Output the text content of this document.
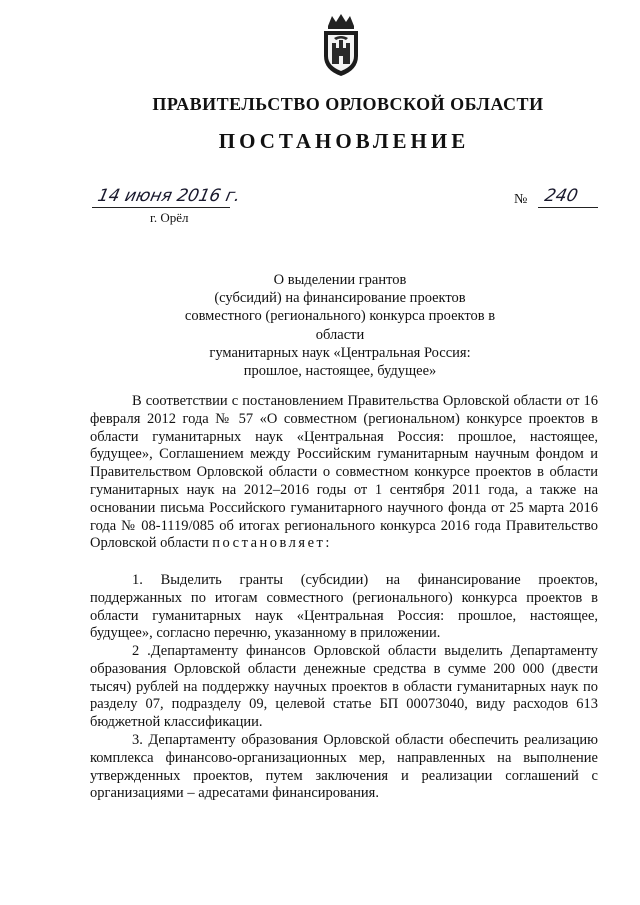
ПРАВИТЕЛЬСТВО ОРЛОВСКОЙ ОБЛАСТИ
ПОСТАНОВЛЕНИЕ
14 июня 2016 г.
г. Орёл
№ 240
О выделении грантов
(субсидий) на финансирование проектов
совместного (регионального) конкурса проектов в области
гуманитарных наук «Центральная Россия:
прошлое, настоящее, будущее»

В соответствии с постановлением Правительства Орловской области от 16 февраля 2012 года № 57 «О совместном (региональном) конкурсе проектов в области гуманитарных наук «Центральная Россия: прошлое, настоящее, будущее», Соглашением между Российским гуманитарным научным фондом и Правительством Орловской области о совместном конкурсе проектов в области гуманитарных наук на 2012–2016 годы от 1 сентября 2011 года, а также на основании письма Российского гуманитарного научного фонда от 25 марта 2016 года № 08-1119/085 об итогах регионального конкурса 2016 года Правительство Орловской области постановляет:

1. Выделить гранты (субсидии) на финансирование проектов, поддержанных по итогам совместного (регионального) конкурса проектов в области гуманитарных наук «Центральная Россия: прошлое, настоящее, будущее», согласно перечню, указанному в приложении.

2 .Департаменту финансов Орловской области выделить Департаменту образования Орловской области денежные средства в сумме 200 000 (двести тысяч) рублей на поддержку научных проектов в области гуманитарных наук по разделу 07, подразделу 09, целевой статье БП 00073040, виду расходов 613 бюджетной классификации.

3. Департаменту образования Орловской области обеспечить реализацию комплекса финансово-организационных мер, направленных на выполнение утвержденных проектов, путем заключения и реализации соглашений с организациями – адресатами финансирования.
